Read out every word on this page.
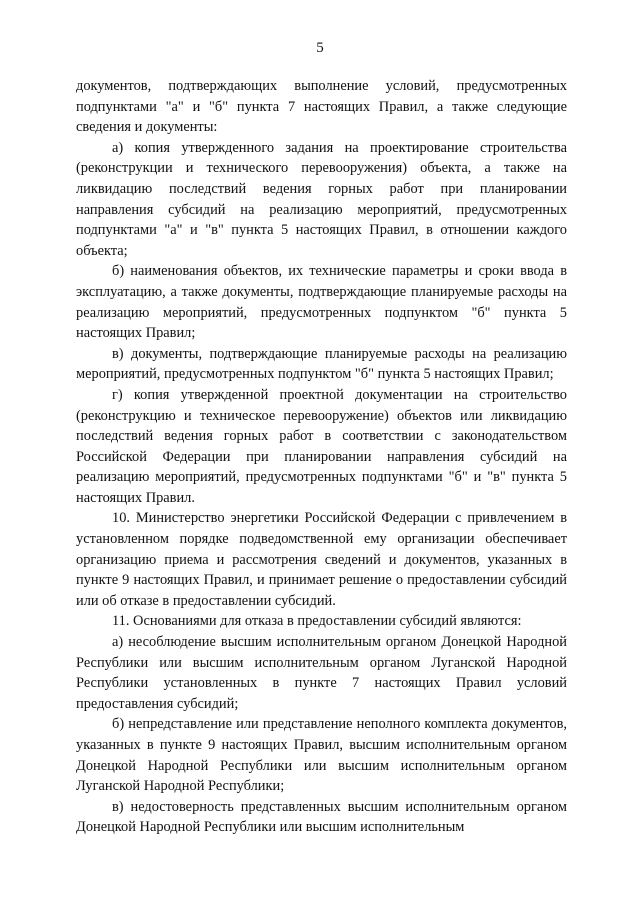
5

документов, подтверждающих выполнение условий, предусмотренных подпунктами "а" и "б" пункта 7 настоящих Правил, а также следующие сведения и документы:

а) копия утвержденного задания на проектирование строительства (реконструкции и технического перевооружения) объекта, а также на ликвидацию последствий ведения горных работ при планировании направления субсидий на реализацию мероприятий, предусмотренных подпунктами "а" и "в" пункта 5 настоящих Правил, в отношении каждого объекта;

б) наименования объектов, их технические параметры и сроки ввода в эксплуатацию, а также документы, подтверждающие планируемые расходы на реализацию мероприятий, предусмотренных подпунктом "б" пункта 5 настоящих Правил;

в) документы, подтверждающие планируемые расходы на реализацию мероприятий, предусмотренных подпунктом "б" пункта 5 настоящих Правил;

г) копия утвержденной проектной документации на строительство (реконструкцию и техническое перевооружение) объектов или ликвидацию последствий ведения горных работ в соответствии с законодательством Российской Федерации при планировании направления субсидий на реализацию мероприятий, предусмотренных подпунктами "б" и "в" пункта 5 настоящих Правил.

10. Министерство энергетики Российской Федерации с привлечением в установленном порядке подведомственной ему организации обеспечивает организацию приема и рассмотрения сведений и документов, указанных в пункте 9 настоящих Правил, и принимает решение о предоставлении субсидий или об отказе в предоставлении субсидий.

11. Основаниями для отказа в предоставлении субсидий являются:

а) несоблюдение высшим исполнительным органом Донецкой Народной Республики или высшим исполнительным органом Луганской Народной Республики установленных в пункте 7 настоящих Правил условий предоставления субсидий;

б) непредставление или представление неполного комплекта документов, указанных в пункте 9 настоящих Правил, высшим исполнительным органом Донецкой Народной Республики или высшим исполнительным органом Луганской Народной Республики;

в) недостоверность представленных высшим исполнительным органом Донецкой Народной Республики или высшим исполнительным
